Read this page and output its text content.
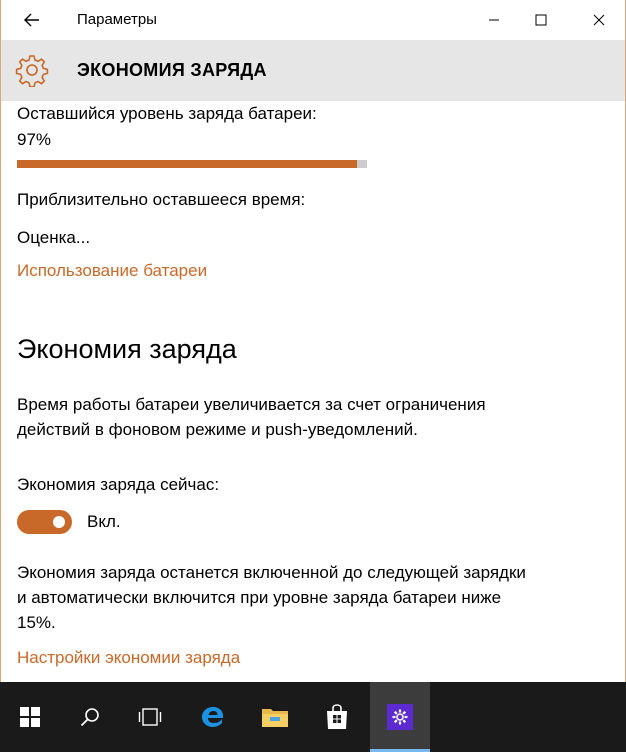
Параметры
ЭКОНОМИЯ ЗАРЯДА
Оставшийся уровень заряда батареи:
97%
Приблизительно оставшееся время:
Оценка...
Использование батареи
Экономия заряда
Время работы батареи увеличивается за счет ограничения
действий в фоновом режиме и push-уведомлений.
Экономия заряда сейчас:
Вкл.
Экономия заряда останется включенной до следующей зарядки
и автоматически включится при уровне заряда батареи ниже
15%.
Настройки экономии заряда
